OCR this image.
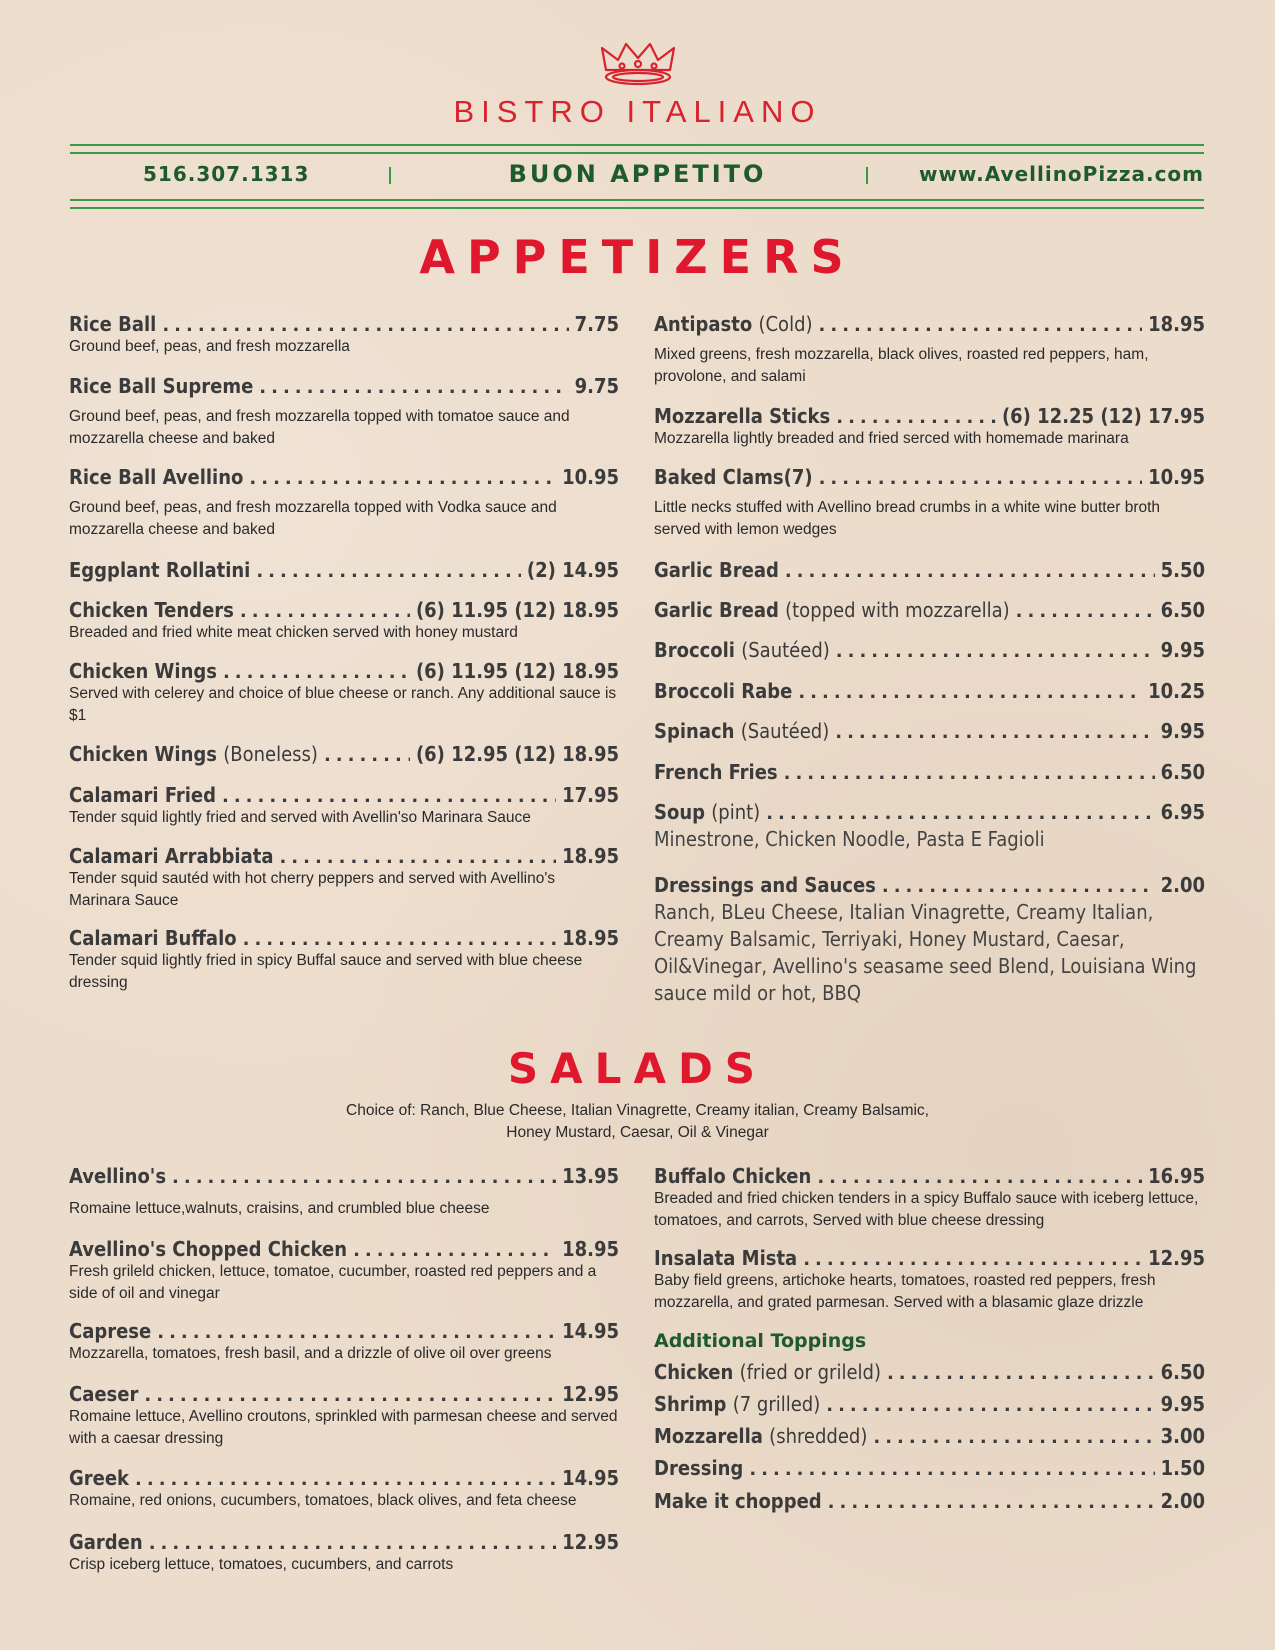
BISTRO ITALIANO
516.307.1313	BUON APPETITO	www.AvellinoPizza.com
APPETIZERS
Rice Ball .....	7.75
Ground beef, peas, and fresh mozzarella
Rice Ball Supreme .....	9.75
Ground beef, peas, and fresh mozzarella topped with tomatoe sauce and mozzarella cheese and baked
Rice Ball Avellino .....	10.95
Ground beef, peas, and fresh mozzarella topped with Vodka sauce and mozzarella cheese and baked
Eggplant Rollatini .....	(2) 14.95
Chicken Tenders .....	(6) 11.95 (12) 18.95
Breaded and fried white meat chicken served with honey mustard
Chicken Wings .....	(6) 11.95 (12) 18.95
Served with celerey and choice of blue cheese or ranch. Any additional sauce is $1
Chicken Wings (Boneless) .....	(6) 12.95 (12) 18.95
Calamari Fried .....	17.95
Tender squid lightly fried and served with Avellin'so Marinara Sauce
Calamari Arrabbiata .....	18.95
Tender squid sautéd with hot cherry peppers and served with Avellino's Marinara Sauce
Calamari Buffalo .....	18.95
Tender squid lightly fried in spicy Buffal sauce and served with blue cheese dressing
Antipasto (Cold) .....	18.95
Mixed greens, fresh mozzarella, black olives, roasted red peppers, ham, provolone, and salami
Mozzarella Sticks .....	(6) 12.25 (12) 17.95
Mozzarella lightly breaded and fried serced with homemade marinara
Baked Clams(7) .....	10.95
Little necks stuffed with Avellino bread crumbs in a white wine butter broth served with lemon wedges
Garlic Bread .....	5.50
Garlic Bread (topped with mozzarella) .....	6.50
Broccoli (Sautéed) .....	9.95
Broccoli Rabe .....	10.25
Spinach (Sautéed) .....	9.95
French Fries .....	6.50
Soup (pint) .....	6.95
Minestrone, Chicken Noodle, Pasta E Fagioli
Dressings and Sauces .....	2.00
Ranch, BLeu Cheese, Italian Vinagrette, Creamy Italian, Creamy Balsamic, Terriyaki, Honey Mustard, Caesar, Oil&Vinegar, Avellino's seasame seed Blend, Louisiana Wing sauce mild or hot, BBQ
SALADS
Choice of: Ranch, Blue Cheese, Italian Vinagrette, Creamy italian, Creamy Balsamic, Honey Mustard, Caesar, Oil & Vinegar
Avellino's .....	13.95
Romaine lettuce,walnuts, craisins, and crumbled blue cheese
Avellino's Chopped Chicken .....	18.95
Fresh grileld chicken, lettuce, tomatoe, cucumber, roasted red peppers and a side of oil and vinegar
Caprese .....	14.95
Mozzarella, tomatoes, fresh basil, and a drizzle of olive oil over greens
Caeser .....	12.95
Romaine lettuce, Avellino croutons, sprinkled with parmesan cheese and served with a caesar dressing
Greek .....	14.95
Romaine, red onions, cucumbers, tomatoes, black olives, and feta cheese
Garden .....	12.95
Crisp iceberg lettuce, tomatoes, cucumbers, and carrots
Buffalo Chicken .....	16.95
Breaded and fried chicken tenders in a spicy Buffalo sauce with iceberg lettuce, tomatoes, and carrots, Served with blue cheese dressing
Insalata Mista .....	12.95
Baby field greens, artichoke hearts, tomatoes, roasted red peppers, fresh mozzarella, and grated parmesan. Served with a blasamic glaze drizzle
Additional Toppings
Chicken (fried or grileld) .....	6.50
Shrimp (7 grilled) .....	9.95
Mozzarella (shredded) .....	3.00
Dressing .....	1.50
Make it chopped .....	2.00
